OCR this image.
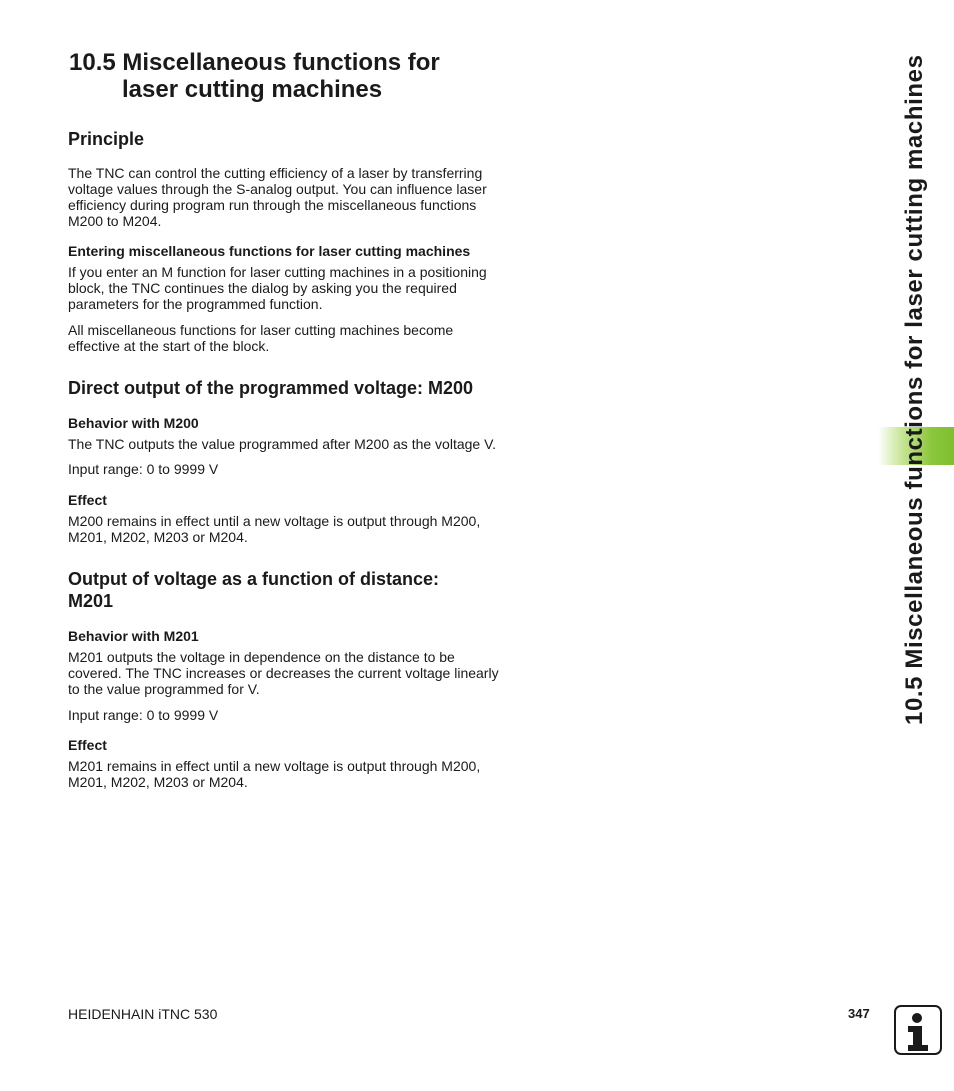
10.5 Miscellaneous functions for
laser cutting machines
Principle
The TNC can control the cutting efficiency of a laser by transferring
voltage values through the S-analog output. You can influence laser
efficiency during program run through the miscellaneous functions
M200 to M204.
Entering miscellaneous functions for laser cutting machines
If you enter an M function for laser cutting machines in a positioning
block, the TNC continues the dialog by asking you the required
parameters for the programmed function.
All miscellaneous functions for laser cutting machines become
effective at the start of the block.
Direct output of the programmed voltage: M200
Behavior with M200
The TNC outputs the value programmed after M200 as the voltage V.
Input range: 0 to 9999 V
Effect
M200 remains in effect until a new voltage is output through M200,
M201, M202, M203 or M204.
Output of voltage as a function of distance:
M201
Behavior with M201
M201 outputs the voltage in dependence on the distance to be
covered. The TNC increases or decreases the current voltage linearly
to the value programmed for V.
Input range: 0 to 9999 V
Effect
M201 remains in effect until a new voltage is output through M200,
M201, M202, M203 or M204.
10.5 Miscellaneous functions for laser cutting machines
HEIDENHAIN iTNC 530	347
